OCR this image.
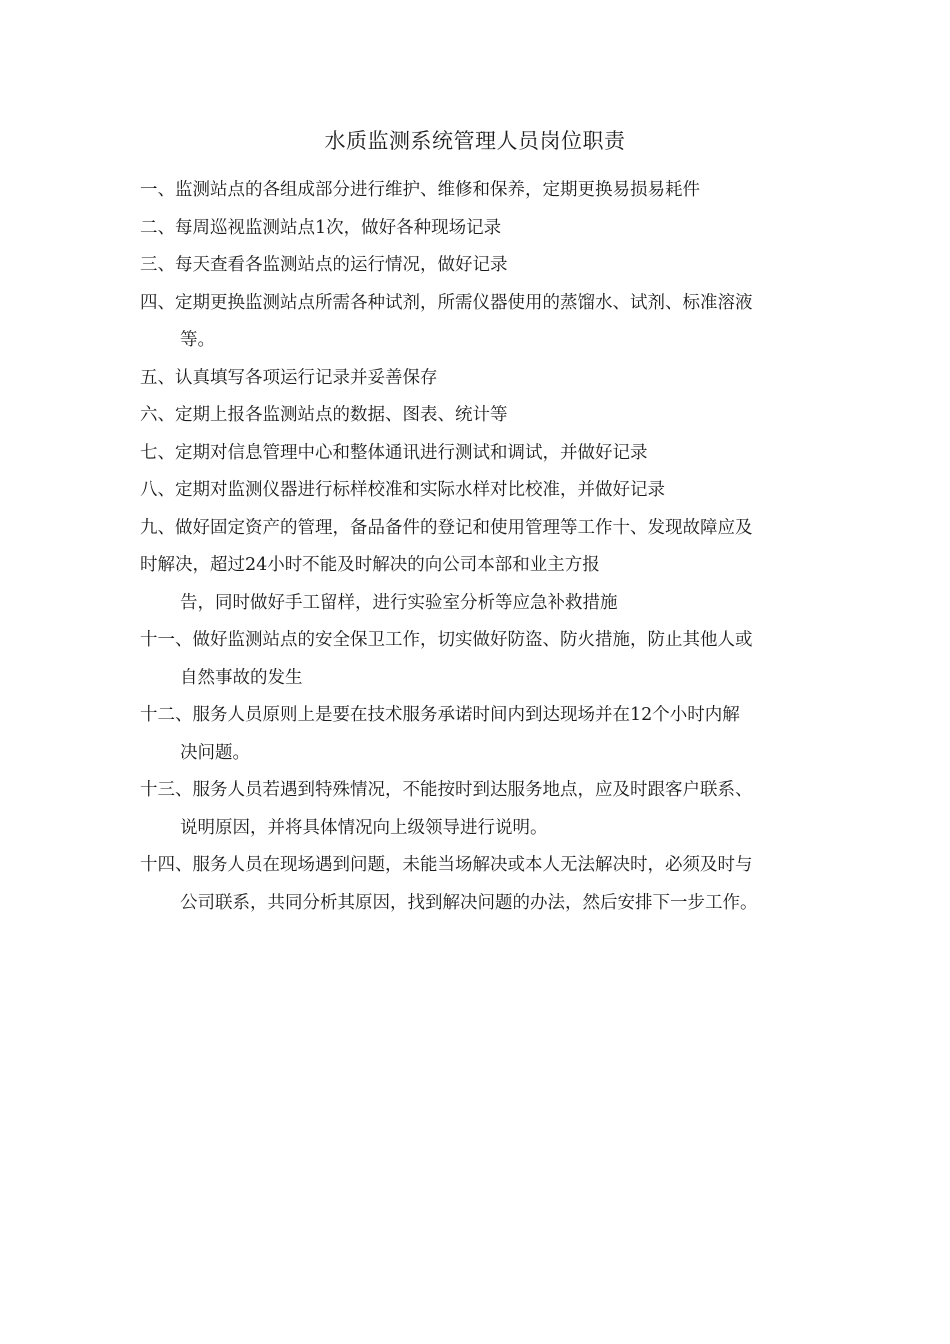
水质监测系统管理人员岗位职责
一、监测站点的各组成部分进行维护、维修和保养，定期更换易损易耗件
二、每周巡视监测站点1次，做好各种现场记录
三、每天查看各监测站点的运行情况，做好记录
四、定期更换监测站点所需各种试剂，所需仪器使用的蒸馏水、试剂、标准溶液
等。
五、认真填写各项运行记录并妥善保存
六、定期上报各监测站点的数据、图表、统计等
七、定期对信息管理中心和整体通讯进行测试和调试，并做好记录
八、定期对监测仪器进行标样校准和实际水样对比校准，并做好记录
九、做好固定资产的管理，备品备件的登记和使用管理等工作十、发现故障应及
时解决，超过24小时不能及时解决的向公司本部和业主方报
告，同时做好手工留样，进行实验室分析等应急补救措施
十一、做好监测站点的安全保卫工作，切实做好防盗、防火措施，防止其他人或
自然事故的发生
十二、服务人员原则上是要在技术服务承诺时间内到达现场并在12个小时内解
决问题。
十三、服务人员若遇到特殊情况，不能按时到达服务地点，应及时跟客户联系、
说明原因，并将具体情况向上级领导进行说明。
十四、服务人员在现场遇到问题，未能当场解决或本人无法解决时，必须及时与
公司联系，共同分析其原因，找到解决问题的办法，然后安排下一步工作。
